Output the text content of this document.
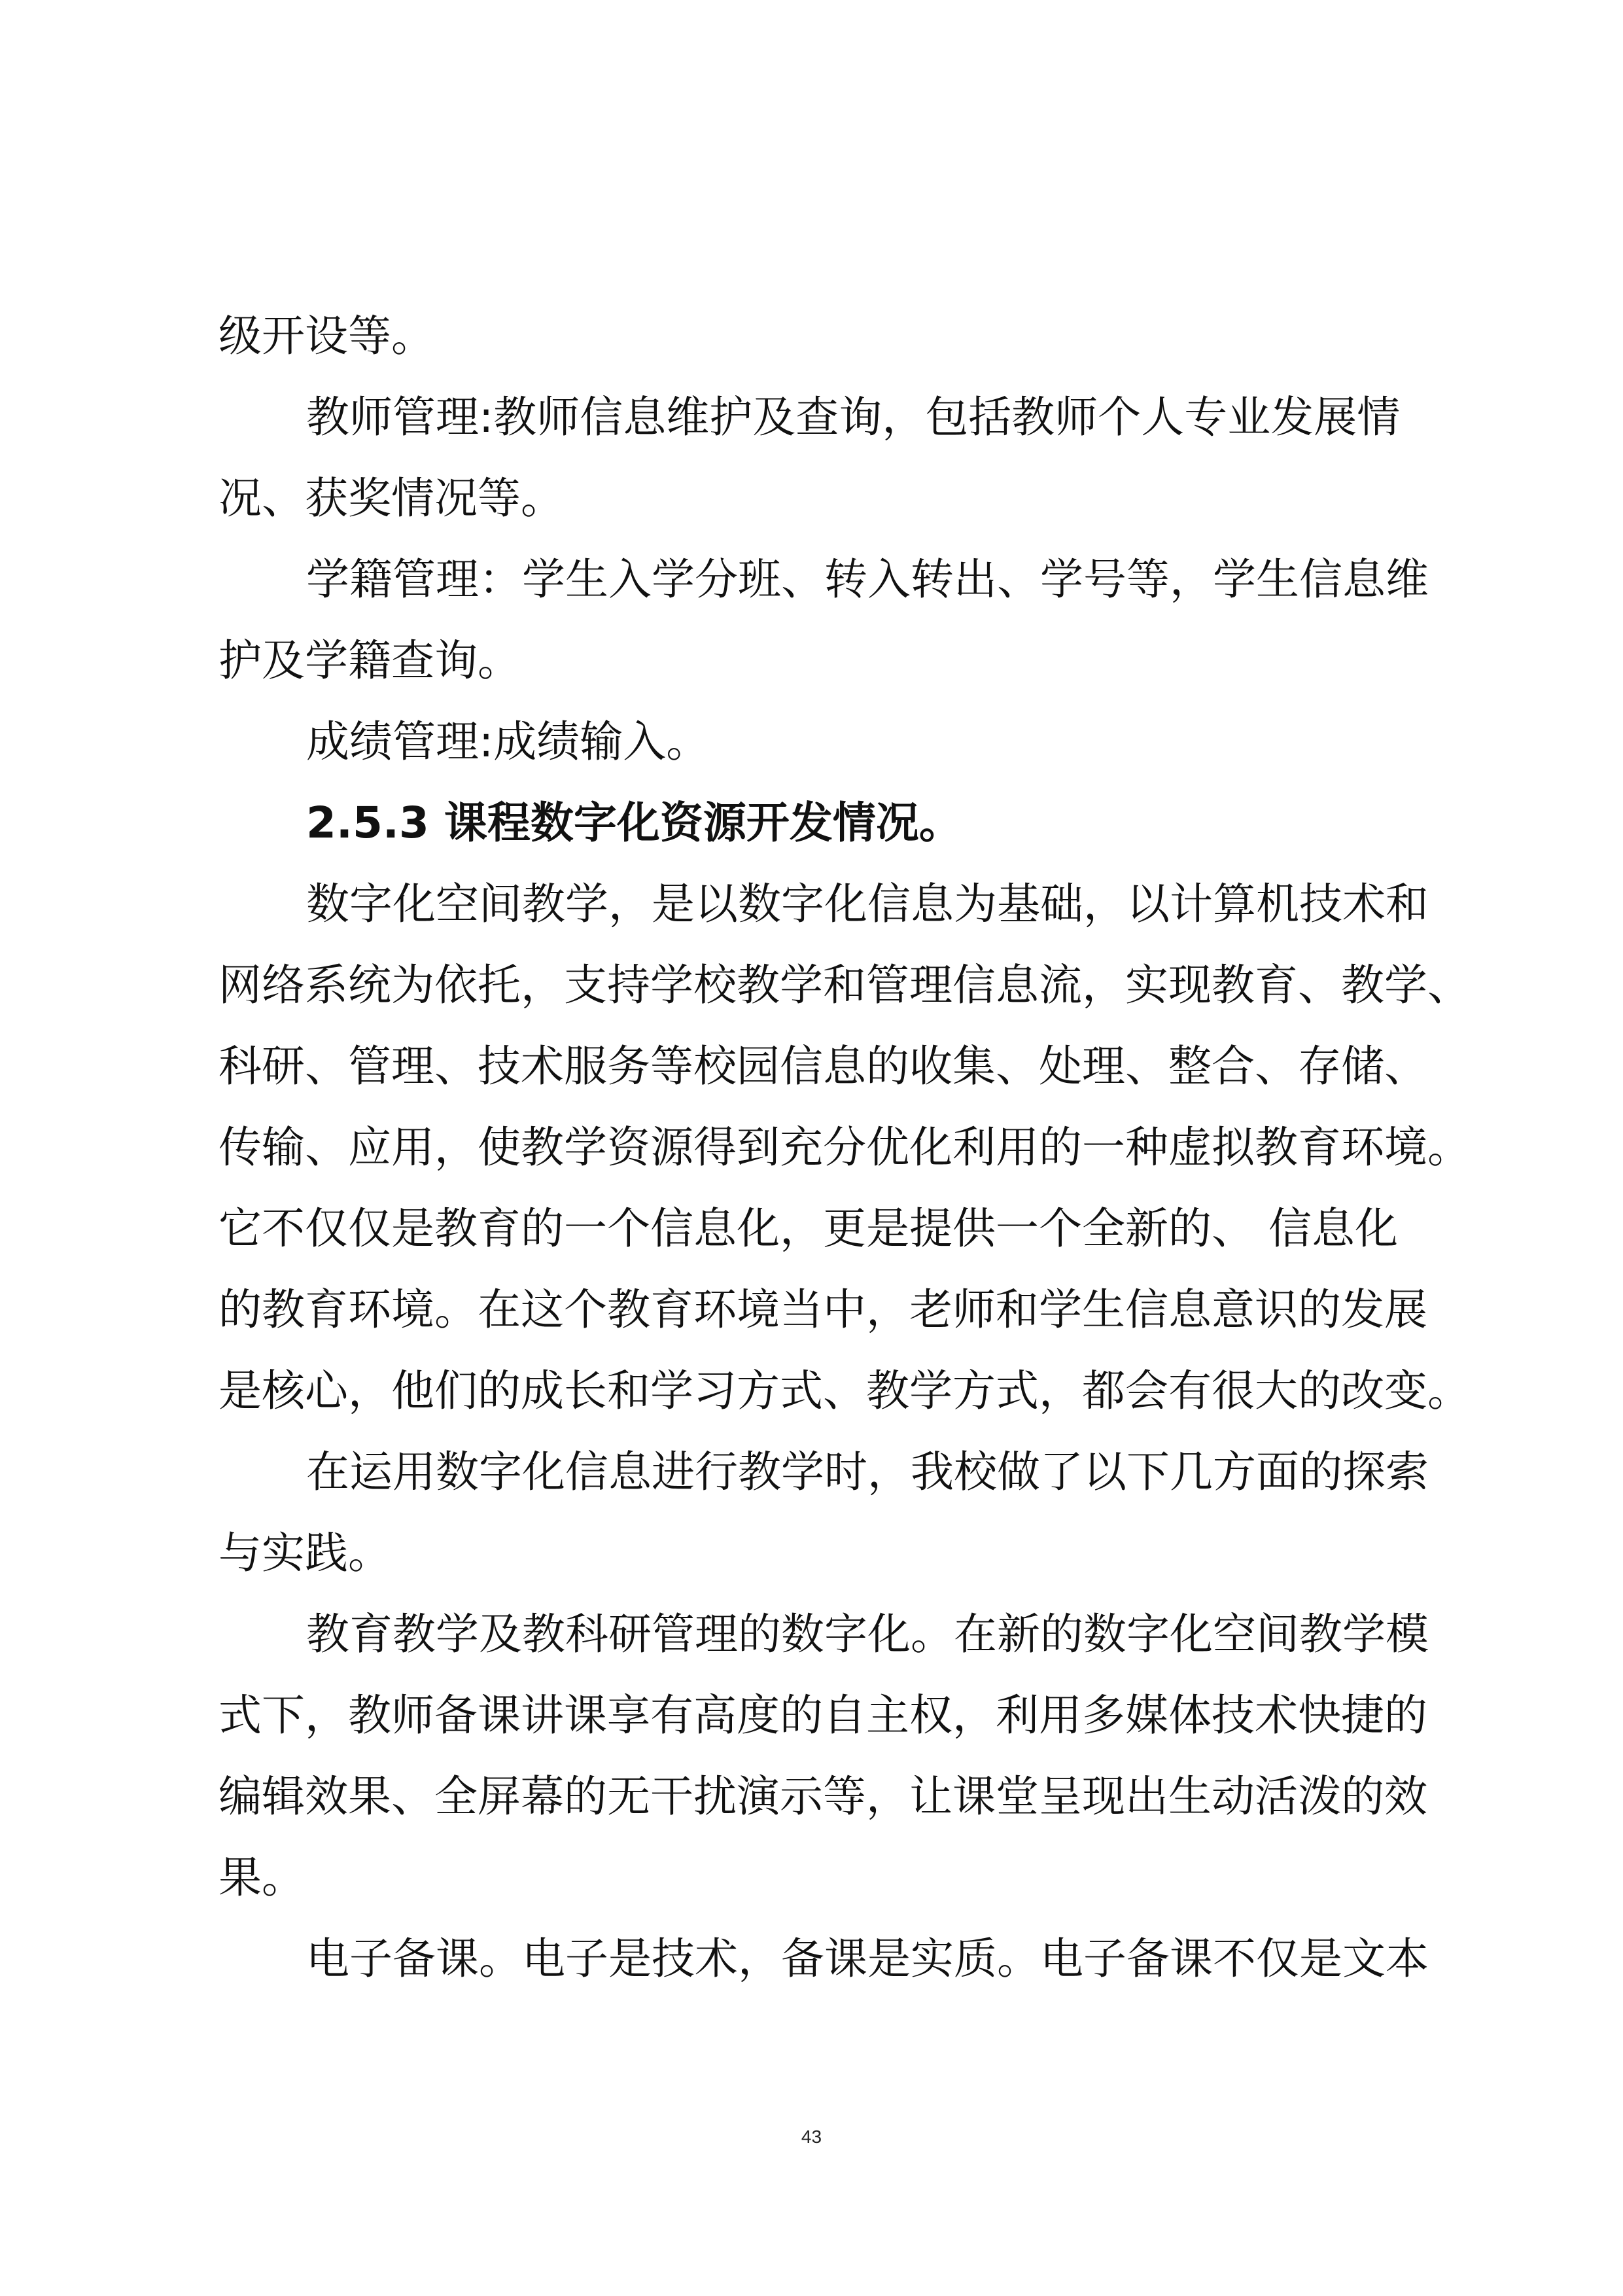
级开设等。
教师管理:教师信息维护及查询，包括教师个人专业发展情
况、获奖情况等。
学籍管理：学生入学分班、转入转出、学号等，学生信息维
护及学籍查询。
成绩管理:成绩输入。
2.5.3 课程数字化资源开发情况。
数字化空间教学，是以数字化信息为基础，以计算机技术和
网络系统为依托，支持学校教学和管理信息流，实现教育、教学、
科研、管理、技术服务等校园信息的收集、处理、整合、存储、
传输、应用，使教学资源得到充分优化利用的一种虚拟教育环境。
它不仅仅是教育的一个信息化，更是提供一个全新的、 信息化
的教育环境。在这个教育环境当中，老师和学生信息意识的发展
是核心，他们的成长和学习方式、教学方式，都会有很大的改变。
在运用数字化信息进行教学时，我校做了以下几方面的探索
与实践。
教育教学及教科研管理的数字化。在新的数字化空间教学模
式下，教师备课讲课享有高度的自主权，利用多媒体技术快捷的
编辑效果、全屏幕的无干扰演示等，让课堂呈现出生动活泼的效
果。
电子备课。电子是技术，备课是实质。电子备课不仅是文本
43
